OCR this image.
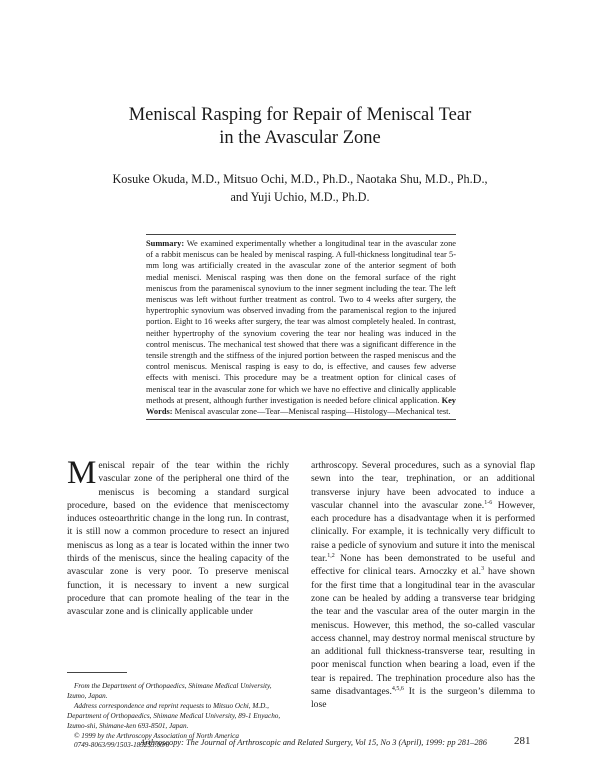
Meniscal Rasping for Repair of Meniscal Tear
in the Avascular Zone
Kosuke Okuda, M.D., Mitsuo Ochi, M.D., Ph.D., Naotaka Shu, M.D., Ph.D.,
and Yuji Uchio, M.D., Ph.D.
Summary: We examined experimentally whether a longitudinal tear in the avascular zone of a rabbit meniscus can be healed by meniscal rasping. A full-thickness longitudinal tear 5-mm long was artificially created in the avascular zone of the anterior segment of both medial menisci. Meniscal rasping was then done on the femoral surface of the right meniscus from the parameniscal synovium to the inner segment including the tear. The left meniscus was left without further treatment as control. Two to 4 weeks after surgery, the hypertrophic synovium was observed invading from the parameniscal region to the injured portion. Eight to 16 weeks after surgery, the tear was almost completely healed. In contrast, neither hypertrophy of the synovium covering the tear nor healing was induced in the control meniscus. The mechanical test showed that there was a significant difference in the tensile strength and the stiffness of the injured portion between the rasped meniscus and the control meniscus. Meniscal rasping is easy to do, is effective, and causes few adverse effects with menisci. This procedure may be a treatment option for clinical cases of meniscal tear in the avascular zone for which we have no effective and clinically applicable methods at present, although further investigation is needed before clinical application. Key Words: Meniscal avascular zone—Tear—Meniscal rasping—Histology—Mechanical test.
Meniscal repair of the tear within the richly vascular zone of the peripheral one third of the meniscus is becoming a standard surgical procedure, based on the evidence that meniscectomy induces osteoarthritic change in the long run. In contrast, it is still now a common procedure to resect an injured meniscus as long as a tear is located within the inner two thirds of the meniscus, since the healing capacity of the avascular zone is very poor. To preserve meniscal function, it is necessary to invent a new surgical procedure that can promote healing of the tear in the avascular zone and is clinically applicable under
arthroscopy. Several procedures, such as a synovial flap sewn into the tear, trephination, or an additional transverse injury have been advocated to induce a vascular channel into the avascular zone.$^{1-6}$ However, each procedure has a disadvantage when it is performed clinically. For example, it is technically very difficult to raise a pedicle of synovium and suture it into the meniscal tear.$^{1,2}$ None has been demonstrated to be useful and effective for clinical tears. Arnoczky et al.$^3$ have shown for the first time that a longitudinal tear in the avascular zone can be healed by adding a transverse tear bridging the tear and the vascular area of the outer margin in the meniscus. However, this method, the so-called vascular access channel, may destroy normal meniscal structure by an additional full thickness-transverse tear, resulting in poor meniscal function when bearing a load, even if the tear is repaired. The trephination procedure also has the same disadvantages.$^{4,5,6}$ It is the surgeon’s dilemma to lose

From the Department of Orthopaedics, Shimane Medical University, Izumo, Japan.

Address correspondence and reprint requests to Mitsuo Ochi, M.D., Department of Orthopaedics, Shimane Medical University, 89-1 Enyacho, Izumo-shi, Shimane-ken 693-8501, Japan.

© 1999 by the Arthroscopy Association of North America

0749-8063/99/1503-1832$3.00/0

Arthroscopy: The Journal of Arthroscopic and Related Surgery, Vol 15, No 3 (April), 1999: pp 281–286 281
